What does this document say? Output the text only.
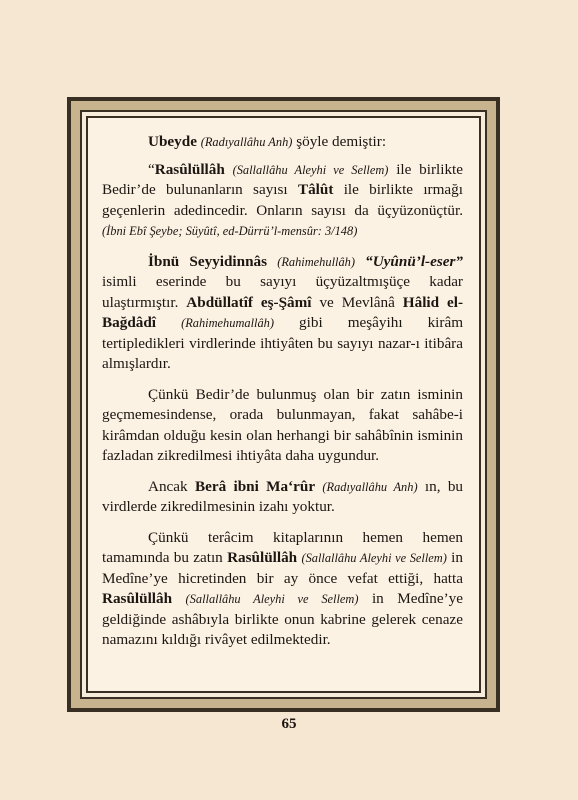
Ubeyde (Radıyallâhu Anh) şöyle demiştir:

“Rasûlüllâh (Sallallâhu Aleyhi ve Sellem) ile birlikte Bedir’de bulunanların sayısı Tâlût ile birlikte ırmağı geçenlerin adedincedir. Onların sayısı da üçyüzonüçtür. (İbni Ebî Şeybe; Süyûtî, ed-Dürrü’l-mensûr: 3/148)

İbnü Seyyidinnâs (Rahimehullâh) “Uyûnü’l-eser” isimli eserinde bu sayıyı üçyüzaltmışüçe kadar ulaştırmıştır. Abdüllatîf eş-Şâmî ve Mevlânâ Hâlid el-Bağdâdî (Rahimehumallâh) gibi meşâyihı kirâm tertipledikleri virdlerinde ihtiyâten bu sayıyı nazar-ı itibâra almışlardır.

Çünkü Bedir’de bulunmuş olan bir zatın isminin geçmemesindense, orada bulunmayan, fakat sahâbe-i kirâmdan olduğu kesin olan herhangi bir sahâbînin isminin fazladan zikredilmesi ihtiyâta daha uygundur.

Ancak Berâ ibni Ma‘rûr (Radıyallâhu Anh) ın, bu virdlerde zikredilmesinin izahı yoktur.

Çünkü terâcim kitaplarının hemen hemen tamamında bu zatın Rasûlüllâh (Sallallâhu Aleyhi ve Sellem) in Medîne’ye hicretinden bir ay önce vefat ettiği, hatta Rasûlüllâh (Sallallâhu Aleyhi ve Sellem) in Medîne’ye geldiğinde ashâbıyla birlikte onun kabrine gelerek cenaze namazını kıldığı rivâyet edilmektedir.

65
